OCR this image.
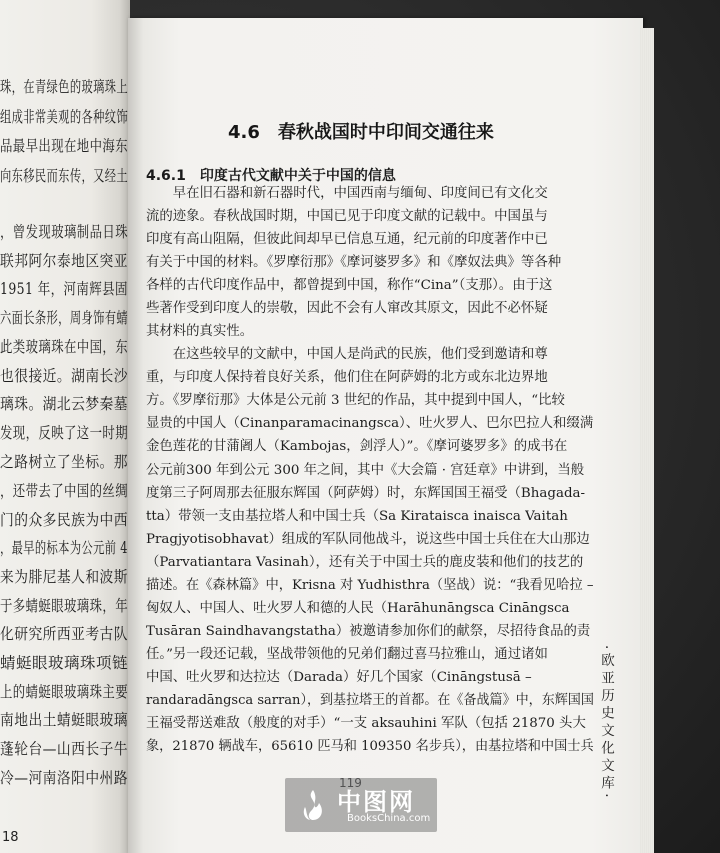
珠，在青绿色的玻璃珠上
组成非常美观的各种纹饰
品最早出现在地中海东
向东移民而东传，又经土
，曾发现玻璃制品日珠
联邦阿尔泰地区突亚
1951 年，河南辉县固
六面长条形，周身饰有蜻
此类玻璃珠在中国，东
也很接近。湖南长沙
璃珠。湖北云梦秦墓
发现，反映了这一时期
之路树立了坐标。那
，还带去了中国的丝绸
门的众多民族为中西
，最早的标本为公元前 4
来为腓尼基人和波斯
于多蜻蜓眼玻璃珠，年
化研究所西亚考古队
蜻蜓眼玻璃珠项链
上的蜻蜓眼玻璃珠主要
南地出土蜻蜓眼玻璃
蓬轮台—山西长子牛
冷—河南洛阳中州路
18
4.6　春秋战国时中印间交通往来
4.6.1　印度古代文献中关于中国的信息
　　早在旧石器和新石器时代，中国西南与缅甸、印度间已有文化交
流的迹象。春秋战国时期，中国已见于印度文献的记载中。中国虽与
印度有高山阻隔，但彼此间却早已信息互通，纪元前的印度著作中已
有关于中国的材料。《罗摩衍那》《摩诃婆罗多》和《摩奴法典》等各种
各样的古代印度作品中，都曾提到中国，称作“Cina”（支那）。由于这
些著作受到印度人的崇敬，因此不会有人窜改其原文，因此不必怀疑
其材料的真实性。
　　在这些较早的文献中，中国人是尚武的民族，他们受到邀请和尊
重，与印度人保持着良好关系，他们住在阿萨姆的北方或东北边界地
方。《罗摩衍那》大体是公元前 3 世纪的作品，其中提到中国人，“比较
显贵的中国人（Cinanparamacinangsca）、吐火罗人、巴尔巴拉人和缀满
金色莲花的甘蒲阇人（Kambojas，剑浮人）”。《摩诃婆罗多》的成书在
公元前300 年到公元 300 年之间，其中《大会篇 · 宫廷章》中讲到，当般
度第三子阿周那去征服东辉国（阿萨姆）时，东辉国国王福受（Bhagada-
tta）带领一支由基拉塔人和中国士兵（Sa Kirataisca inaisca Vaitah
Pragjyotisobhavat）组成的军队同他战斗，说这些中国士兵住在大山那边
（Parvatiantara Vasinah），还有关于中国士兵的鹿皮装和他们的技艺的
描述。在《森林篇》中，Krisna 对 Yudhisthra（坚战）说：“我看见哈拉 –
匈奴人、中国人、吐火罗人和德的人民（Harāhunāngsca Cināngsca
Tusāran Saindhavangstatha）被邀请参加你们的献祭，尽招待食品的责
任。”另一段还记载，坚战带领他的兄弟们翻过喜马拉雅山，通过诸如
中国、吐火罗和达拉达（Darada）好几个国家（Cināngstusā –
randaradāngsca sarran），到基拉塔王的首都。在《备战篇》中，东辉国国
王福受帮送难敌（般度的对手）“一支 aksauhini 军队（包括 21870 头大
象，21870 辆战车，65610 匹马和 109350 名步兵），由基拉塔和中国士兵 ·欧亚历史文化文库·
中图网
BooksChina.com
